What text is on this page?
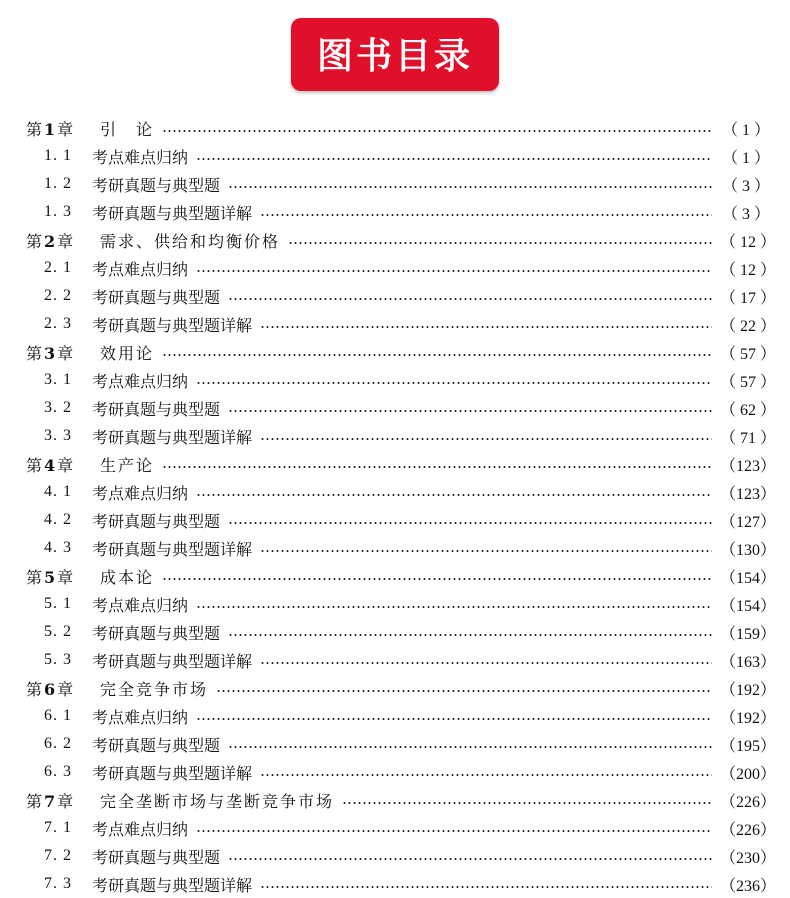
图书目录
第 1 章	引　论	（ 1 ）
1. 1	考点难点归纳	（ 1 ）
1. 2	考研真题与典型题	（ 3 ）
1. 3	考研真题与典型题详解	（ 3 ）
第 2 章	需求、供给和均衡价格	（ 12 ）
2. 1	考点难点归纳	（ 12 ）
2. 2	考研真题与典型题	（ 17 ）
2. 3	考研真题与典型题详解	（ 22 ）
第 3 章	效用论	（ 57 ）
3. 1	考点难点归纳	（ 57 ）
3. 2	考研真题与典型题	（ 62 ）
3. 3	考研真题与典型题详解	（ 71 ）
第 4 章	生产论	（123）
4. 1	考点难点归纳	（123）
4. 2	考研真题与典型题	（127）
4. 3	考研真题与典型题详解	（130）
第 5 章	成本论	（154）
5. 1	考点难点归纳	（154）
5. 2	考研真题与典型题	（159）
5. 3	考研真题与典型题详解	（163）
第 6 章	完全竞争市场	（192）
6. 1	考点难点归纳	（192）
6. 2	考研真题与典型题	（195）
6. 3	考研真题与典型题详解	（200）
第 7 章	完全垄断市场与垄断竞争市场	（226）
7. 1	考点难点归纳	（226）
7. 2	考研真题与典型题	（230）
7. 3	考研真题与典型题详解	（236）
